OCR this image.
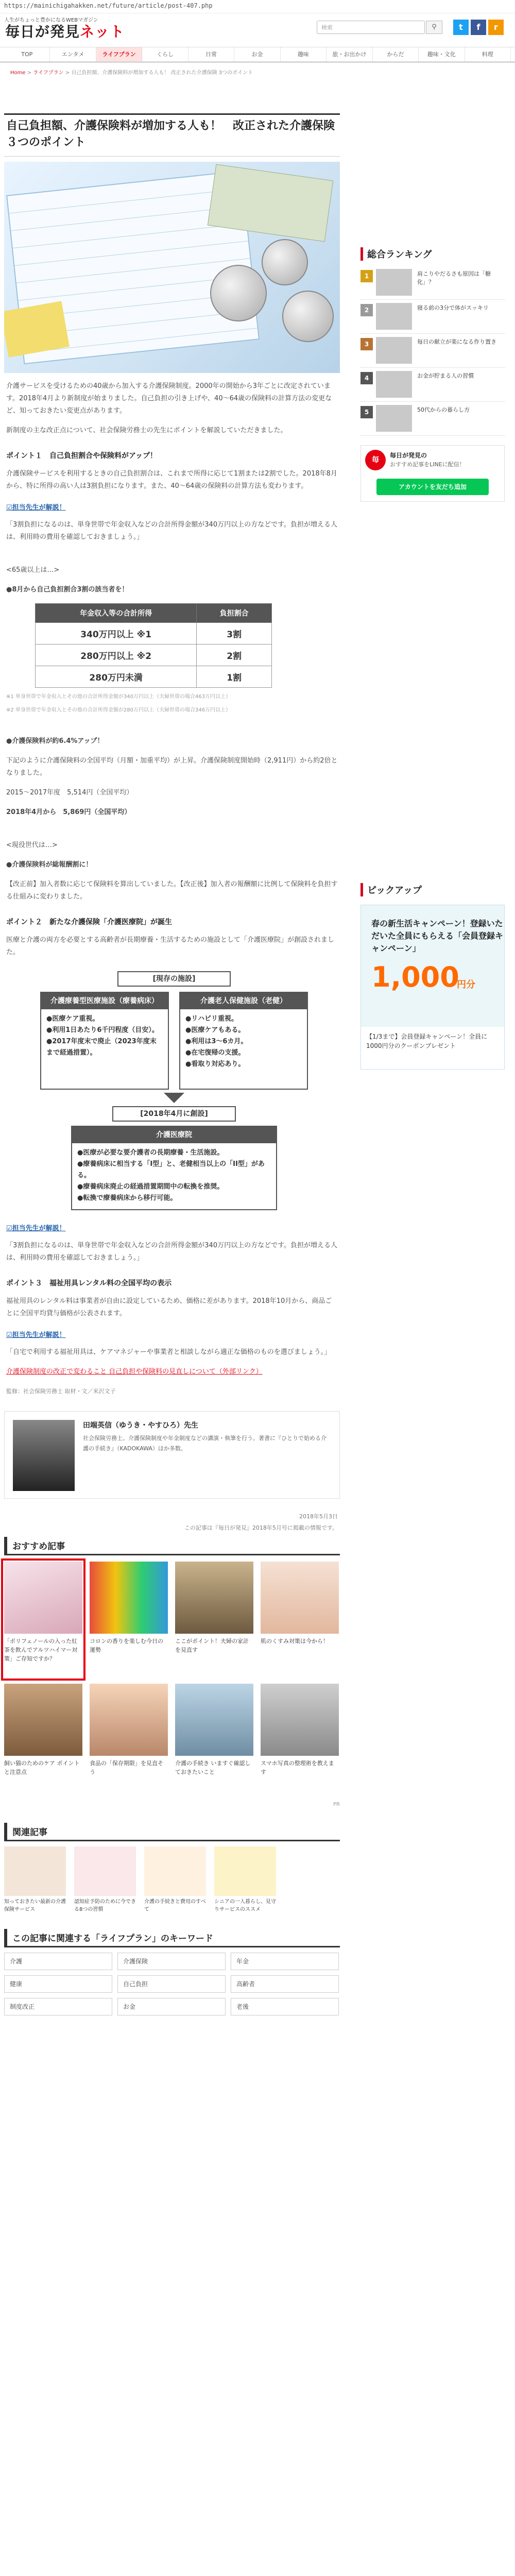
https://mainichigahakken.net/future/article/post-407.php
人生がちょっと豊かになるWEBマガジン
毎日が発見ネット	検索	⚲	t	f	r
TOP	エンタメ	ライフプラン	くらし	日常	お金	趣味	旅・お出かけ	からだ	趣味・文化	料理
Home > ライフプラン > 自己負担額、介護保険料が増加する人も！ 改正された介護保険 3つのポイント
自己負担額、介護保険料が増加する人も！　改正された介護保険３つのポイント

介護サービスを受けるための40歳から加入する介護保険制度。2000年の開始から3年ごとに改定されています。2018年4月より新制度が始まりました。自己負担の引き上げや、40〜64歳の保険料の計算方法の変更など、知っておきたい変更点があります。

新制度の主な改正点について、社会保険労務士の先生にポイントを解説していただきました。

ポイント１　自己負担割合や保険料がアップ！

介護保険サービスを利用するときの自己負担割合は、これまで所得に応じて1割または2割でした。2018年8月から、特に所得の高い人は3割負担になります。また、40〜64歳の保険料の計算方法も変わります。

☑担当先生が解説！

「3割負担になるのは、単身世帯で年金収入などの合計所得金額が340万円以上の方などです。負担が増える人は、利用時の費用を確認しておきましょう。」

<65歳以上は…>

●8月から自己負担割合3割の該当者を！

年金収入等の合計所得	負担割合
340万円以上 ※1	3割
280万円以上 ※2	2割
280万円未満	1割
※1 単身世帯で年金収入とその他の合計所得金額が340万円以上（夫婦世帯の場合463万円以上）
※2 単身世帯で年金収入とその他の合計所得金額が280万円以上（夫婦世帯の場合346万円以上）

●介護保険料が約6.4%アップ！

下記のように介護保険料の全国平均（月額・加重平均）が上昇。介護保険制度開始時（2,911円）から約2倍となりました。

2015〜2017年度　5,514円（全国平均）

2018年4月から　5,869円（全国平均）

<現役世代は…>

●介護保険料が総報酬割に！

【改正前】加入者数に応じて保険料を算出していました。【改正後】加入者の報酬額に比例して保険料を負担する仕組みに変わりました。

ポイント２　新たな介護保険「介護医療院」が誕生

医療と介護の両方を必要とする高齢者が長期療養・生活するための施設として「介護医療院」が創設されました。

[現存の施設]
介護療養型医療施設（療養病床）
●医療ケア重視。
●利用1日あたり6千円程度（目安）。
●2017年度末で廃止（2023年度末まで経過措置）。
介護老人保健施設（老健）
●リハビリ重視。
●医療ケアもある。
●利用は3〜6カ月。
●在宅復帰の支援。
●看取り対応あり。
[2018年4月に創設]
介護医療院
●医療が必要な要介護者の長期療養・生活施設。
●療養病床に相当する「I型」と、老健相当以上の「II型」がある。
●療養病床廃止の経過措置期間中の転換を推奨。
●転換で療養病床から移行可能。
☑担当先生が解説！

「3割負担になるのは、単身世帯で年金収入などの合計所得金額が340万円以上の方などです。負担が増える人は、利用時の費用を確認しておきましょう。」

ポイント３　福祉用具レンタル料の全国平均の表示

福祉用具のレンタル料は事業者が自由に設定しているため、価格に差があります。2018年10月から、商品ごとに全国平均貸与価格が公表されます。

☑担当先生が解説！

「自宅で利用する福祉用具は、ケアマネジャーや事業者と相談しながら適正な価格のものを選びましょう。」

介護保険制度の改正で変わること 自己負担や保険料の見直しについて（外部リンク）

監修：社会保険労務士 取材・文／米沢文子

田端英信（ゆうき・やすひろ）先生
社会保険労務士。介護保険制度や年金制度などの講演・執筆を行う。著書に『ひとりで始める介護の手続き』（KADOKAWA）ほか多数。
2018年5月3日
この記事は『毎日が発見』2018年5月号に掲載の情報です。
おすすめ記事
「ポリフェノールの入った紅茶を飲んでアルツハイマー対策」ご存知ですか？
コロンの香りを楽しむ今日の運勢
ここがポイント！夫婦の家計を見直す
肌のくすみ対策は今から！
飼い猫のためのケア ポイントと注意点
食品の「保存期限」を見直そう
介護の手続き いますぐ確認しておきたいこと
スマホ写真の整理術を教えます
PR
関連記事
知っておきたい最新の介護保険サービス
認知症予防のために今できる8つの習慣
介護の手続きと費用のすべて
シニアの一人暮らし、見守りサービスのススメ
この記事に関連する「ライフプラン」のキーワード
介護	介護保険	年金
健康	自己負担	高齢者
制度改正	お金	老後
総合ランキング
1	肩こりやだるさも原因は「糖化」？
2	寝る前の3分で体がスッキリ
3	毎日の献立が楽になる作り置き
4	お金が貯まる人の習慣
5	50代からの暮らし方
毎
毎日が発見の
おすすめ記事をLINEに配信！
アカウントを友だち追加
ピックアップ
春の新生活キャンペーン！登録いただいた全員にもらえる「会員登録キャンペーン」
1,000
円分
【1/3まで】会員登録キャンペーン！全員に1000円分のクーポンプレゼント
